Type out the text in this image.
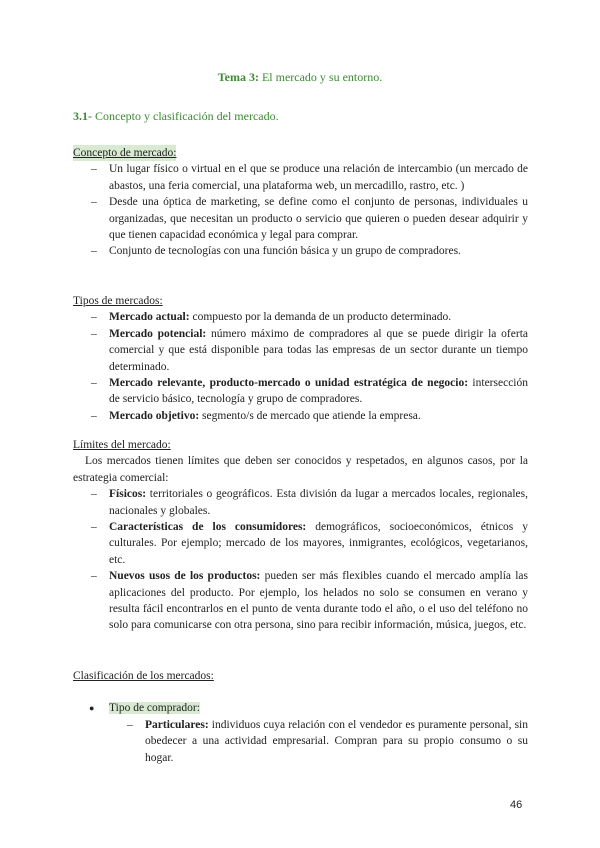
Tema 3: El mercado y su entorno.
3.1- Concepto y clasificación del mercado.
Concepto de mercado:
– Un lugar físico o virtual en el que se produce una relación de intercambio (un mercado de abastos, una feria comercial, una plataforma web, un mercadillo, rastro, etc. )
– Desde una óptica de marketing, se define como el conjunto de personas, individuales u organizadas, que necesitan un producto o servicio que quieren o pueden desear adquirir y que tienen capacidad económica y legal para comprar.
– Conjunto de tecnologías con una función básica y un grupo de compradores.
Tipos de mercados:
– Mercado actual: compuesto por la demanda de un producto determinado.
– Mercado potencial: número máximo de compradores al que se puede dirigir la oferta comercial y que está disponible para todas las empresas de un sector durante un tiempo determinado.
– Mercado relevante, producto-mercado o unidad estratégica de negocio: intersección de servicio básico, tecnología y grupo de compradores.
– Mercado objetivo: segmento/s de mercado que atiende la empresa.
Límites del mercado:
Los mercados tienen límites que deben ser conocidos y respetados, en algunos casos, por la estrategia comercial:
– Físicos: territoriales o geográficos. Esta división da lugar a mercados locales, regionales, nacionales y globales.
– Características de los consumidores: demográficos, socioeconómicos, étnicos y culturales. Por ejemplo; mercado de los mayores, inmigrantes, ecológicos, vegetarianos, etc.
– Nuevos usos de los productos: pueden ser más flexibles cuando el mercado amplía las aplicaciones del producto. Por ejemplo, los helados no solo se consumen en verano y resulta fácil encontrarlos en el punto de venta durante todo el año, o el uso del teléfono no solo para comunicarse con otra persona, sino para recibir información, música, juegos, etc.
Clasificación de los mercados:
● Tipo de comprador:
– Particulares: individuos cuya relación con el vendedor es puramente personal, sin obedecer a una actividad empresarial. Compran para su propio consumo o su hogar.
46
